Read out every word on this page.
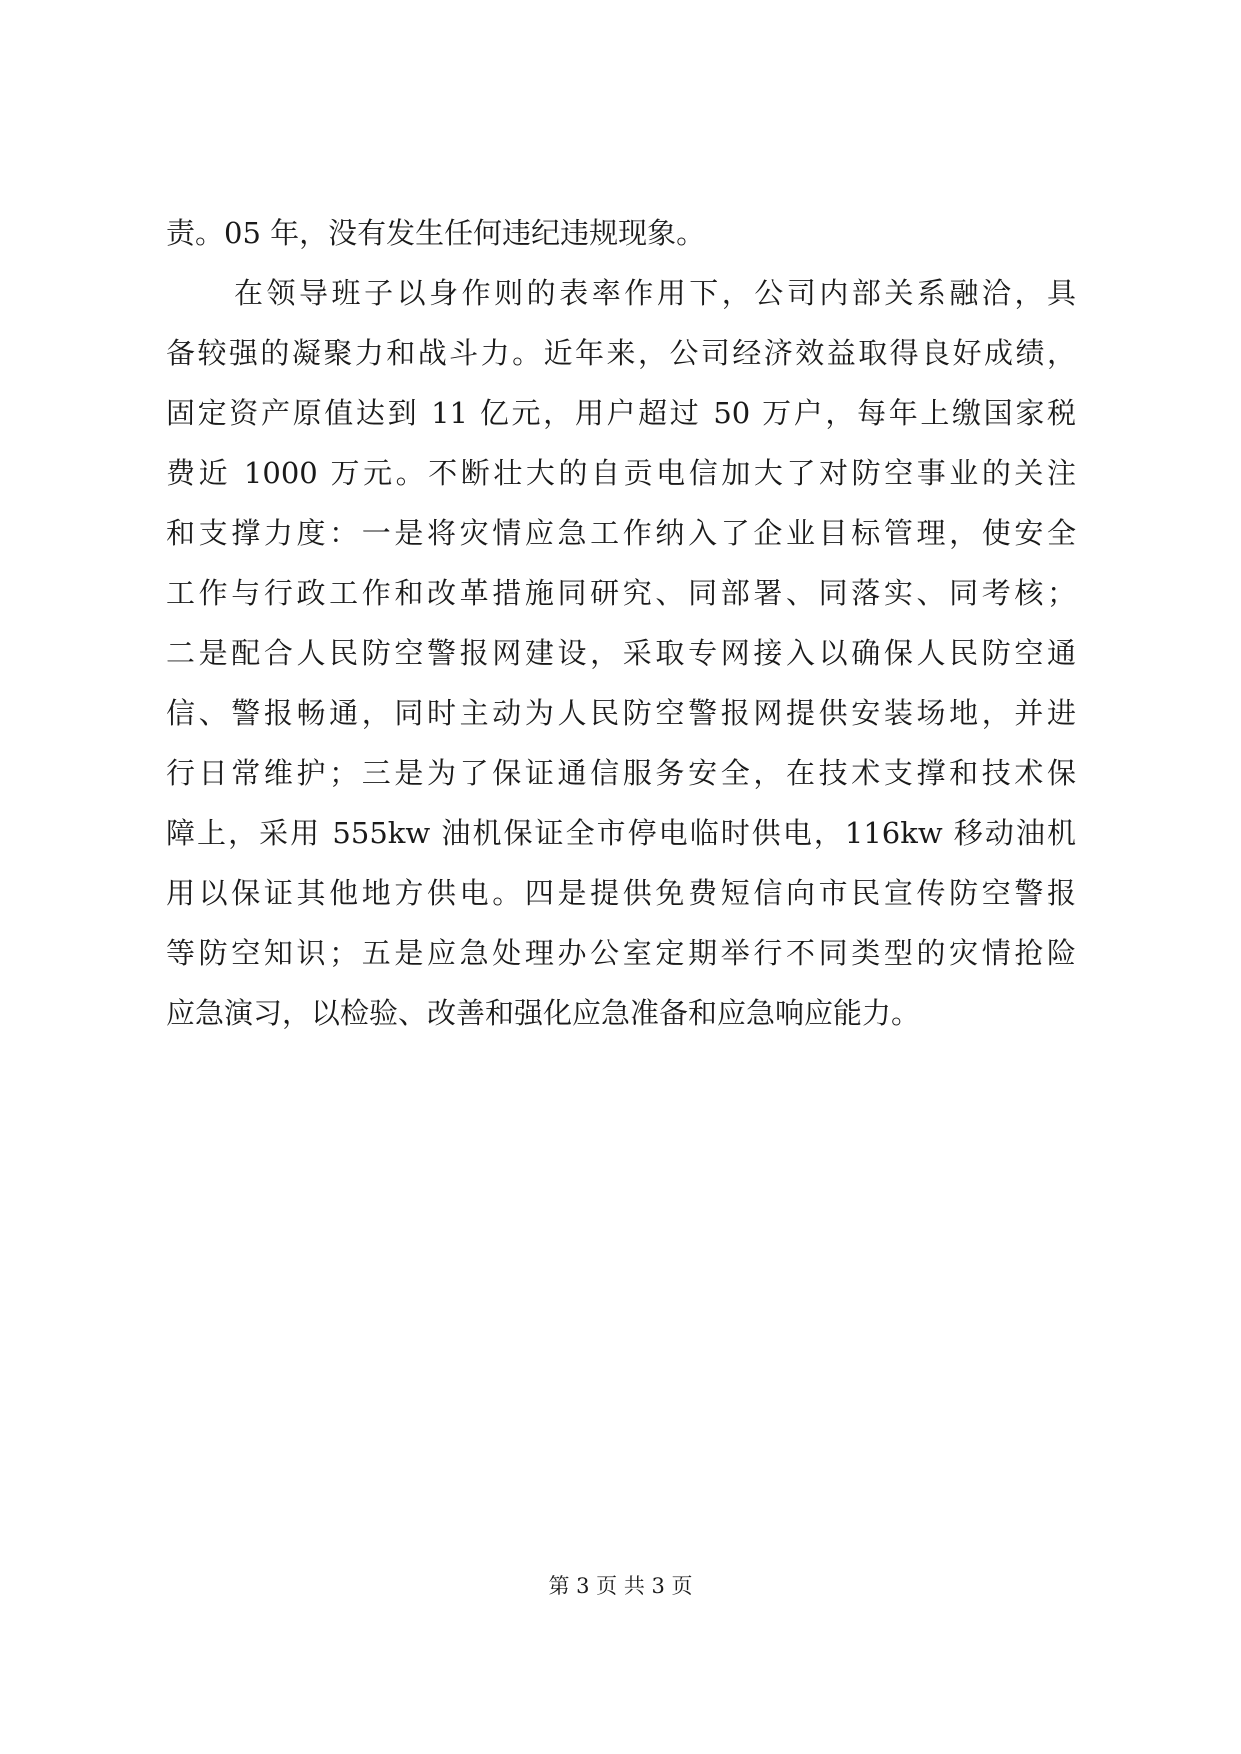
责。05 年，没有发生任何违纪违规现象。
在领导班子以身作则的表率作用下，公司内部关系融洽，具
备较强的凝聚力和战斗力。近年来，公司经济效益取得良好成绩，
固定资产原值达到 11 亿元，用户超过 50 万户，每年上缴国家税
费近 1000 万元。不断壮大的自贡电信加大了对防空事业的关注
和支撑力度：一是将灾情应急工作纳入了企业目标管理，使安全
工作与行政工作和改革措施同研究、同部署、同落实、同考核；
二是配合人民防空警报网建设，采取专网接入以确保人民防空通
信、警报畅通，同时主动为人民防空警报网提供安装场地，并进
行日常维护；三是为了保证通信服务安全，在技术支撑和技术保
障上，采用 555kw 油机保证全市停电临时供电，116kw 移动油机
用以保证其他地方供电。四是提供免费短信向市民宣传防空警报
等防空知识；五是应急处理办公室定期举行不同类型的灾情抢险
应急演习，以检验、改善和强化应急准备和应急响应能力。
第 3 页 共 3 页
